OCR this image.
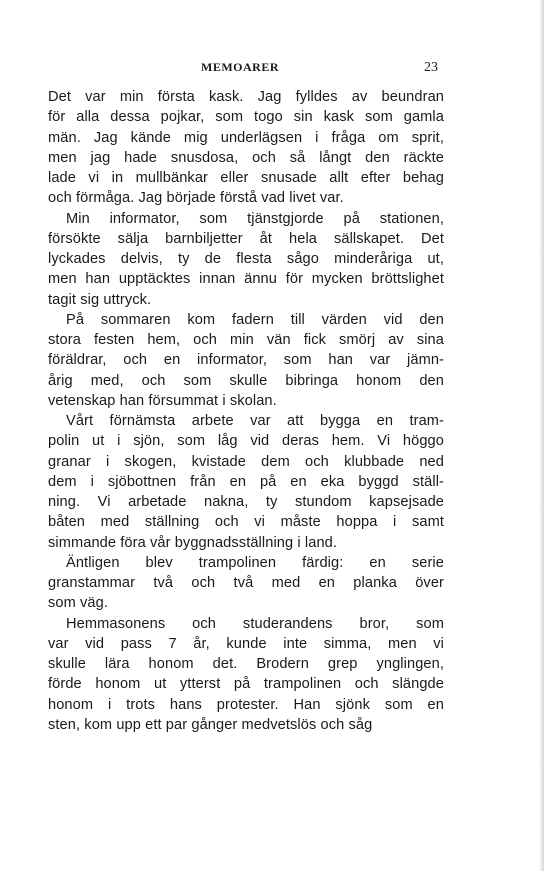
MEMOARER	23
Det var min första kask. Jag fylldes av beundran
för alla dessa pojkar, som togo sin kask som gamla
män. Jag kände mig underlägsen i fråga om sprit,
men jag hade snusdosa, och så långt den räckte
lade vi in mullbänkar eller snusade allt efter behag
och förmåga. Jag började förstå vad livet var.
Min informator, som tjänstgjorde på stationen,
försökte sälja barnbiljetter åt hela sällskapet. Det
lyckades delvis, ty de flesta sågo minderåriga ut,
men han upptäcktes innan ännu för mycken bröttslighet tagit sig uttryck.
På sommaren kom fadern till värden vid den
stora festen hem, och min vän fick smörj av sina
föräldrar, och en informator, som han var jämn-
årig med, och som skulle bibringa honom den
vetenskap han försummat i skolan.
Vårt förnämsta arbete var att bygga en tram-
polin ut i sjön, som låg vid deras hem. Vi höggo
granar i skogen, kvistade dem och klubbade ned
dem i sjöbottnen från en på en eka byggd ställ-
ning. Vi arbetade nakna, ty stundom kapsejsade
båten med ställning och vi måste hoppa i samt
simmande föra vår byggnadsställning i land.
Äntligen blev trampolinen färdig: en serie
granstammar två och två med en planka över
som väg.
Hemmasonens och studerandens bror, som
var vid pass 7 år, kunde inte simma, men vi
skulle lära honom det. Brodern grep ynglingen,
förde honom ut ytterst på trampolinen och slängde
honom i trots hans protester. Han sjönk som en
sten, kom upp ett par gånger medvetslös och såg
